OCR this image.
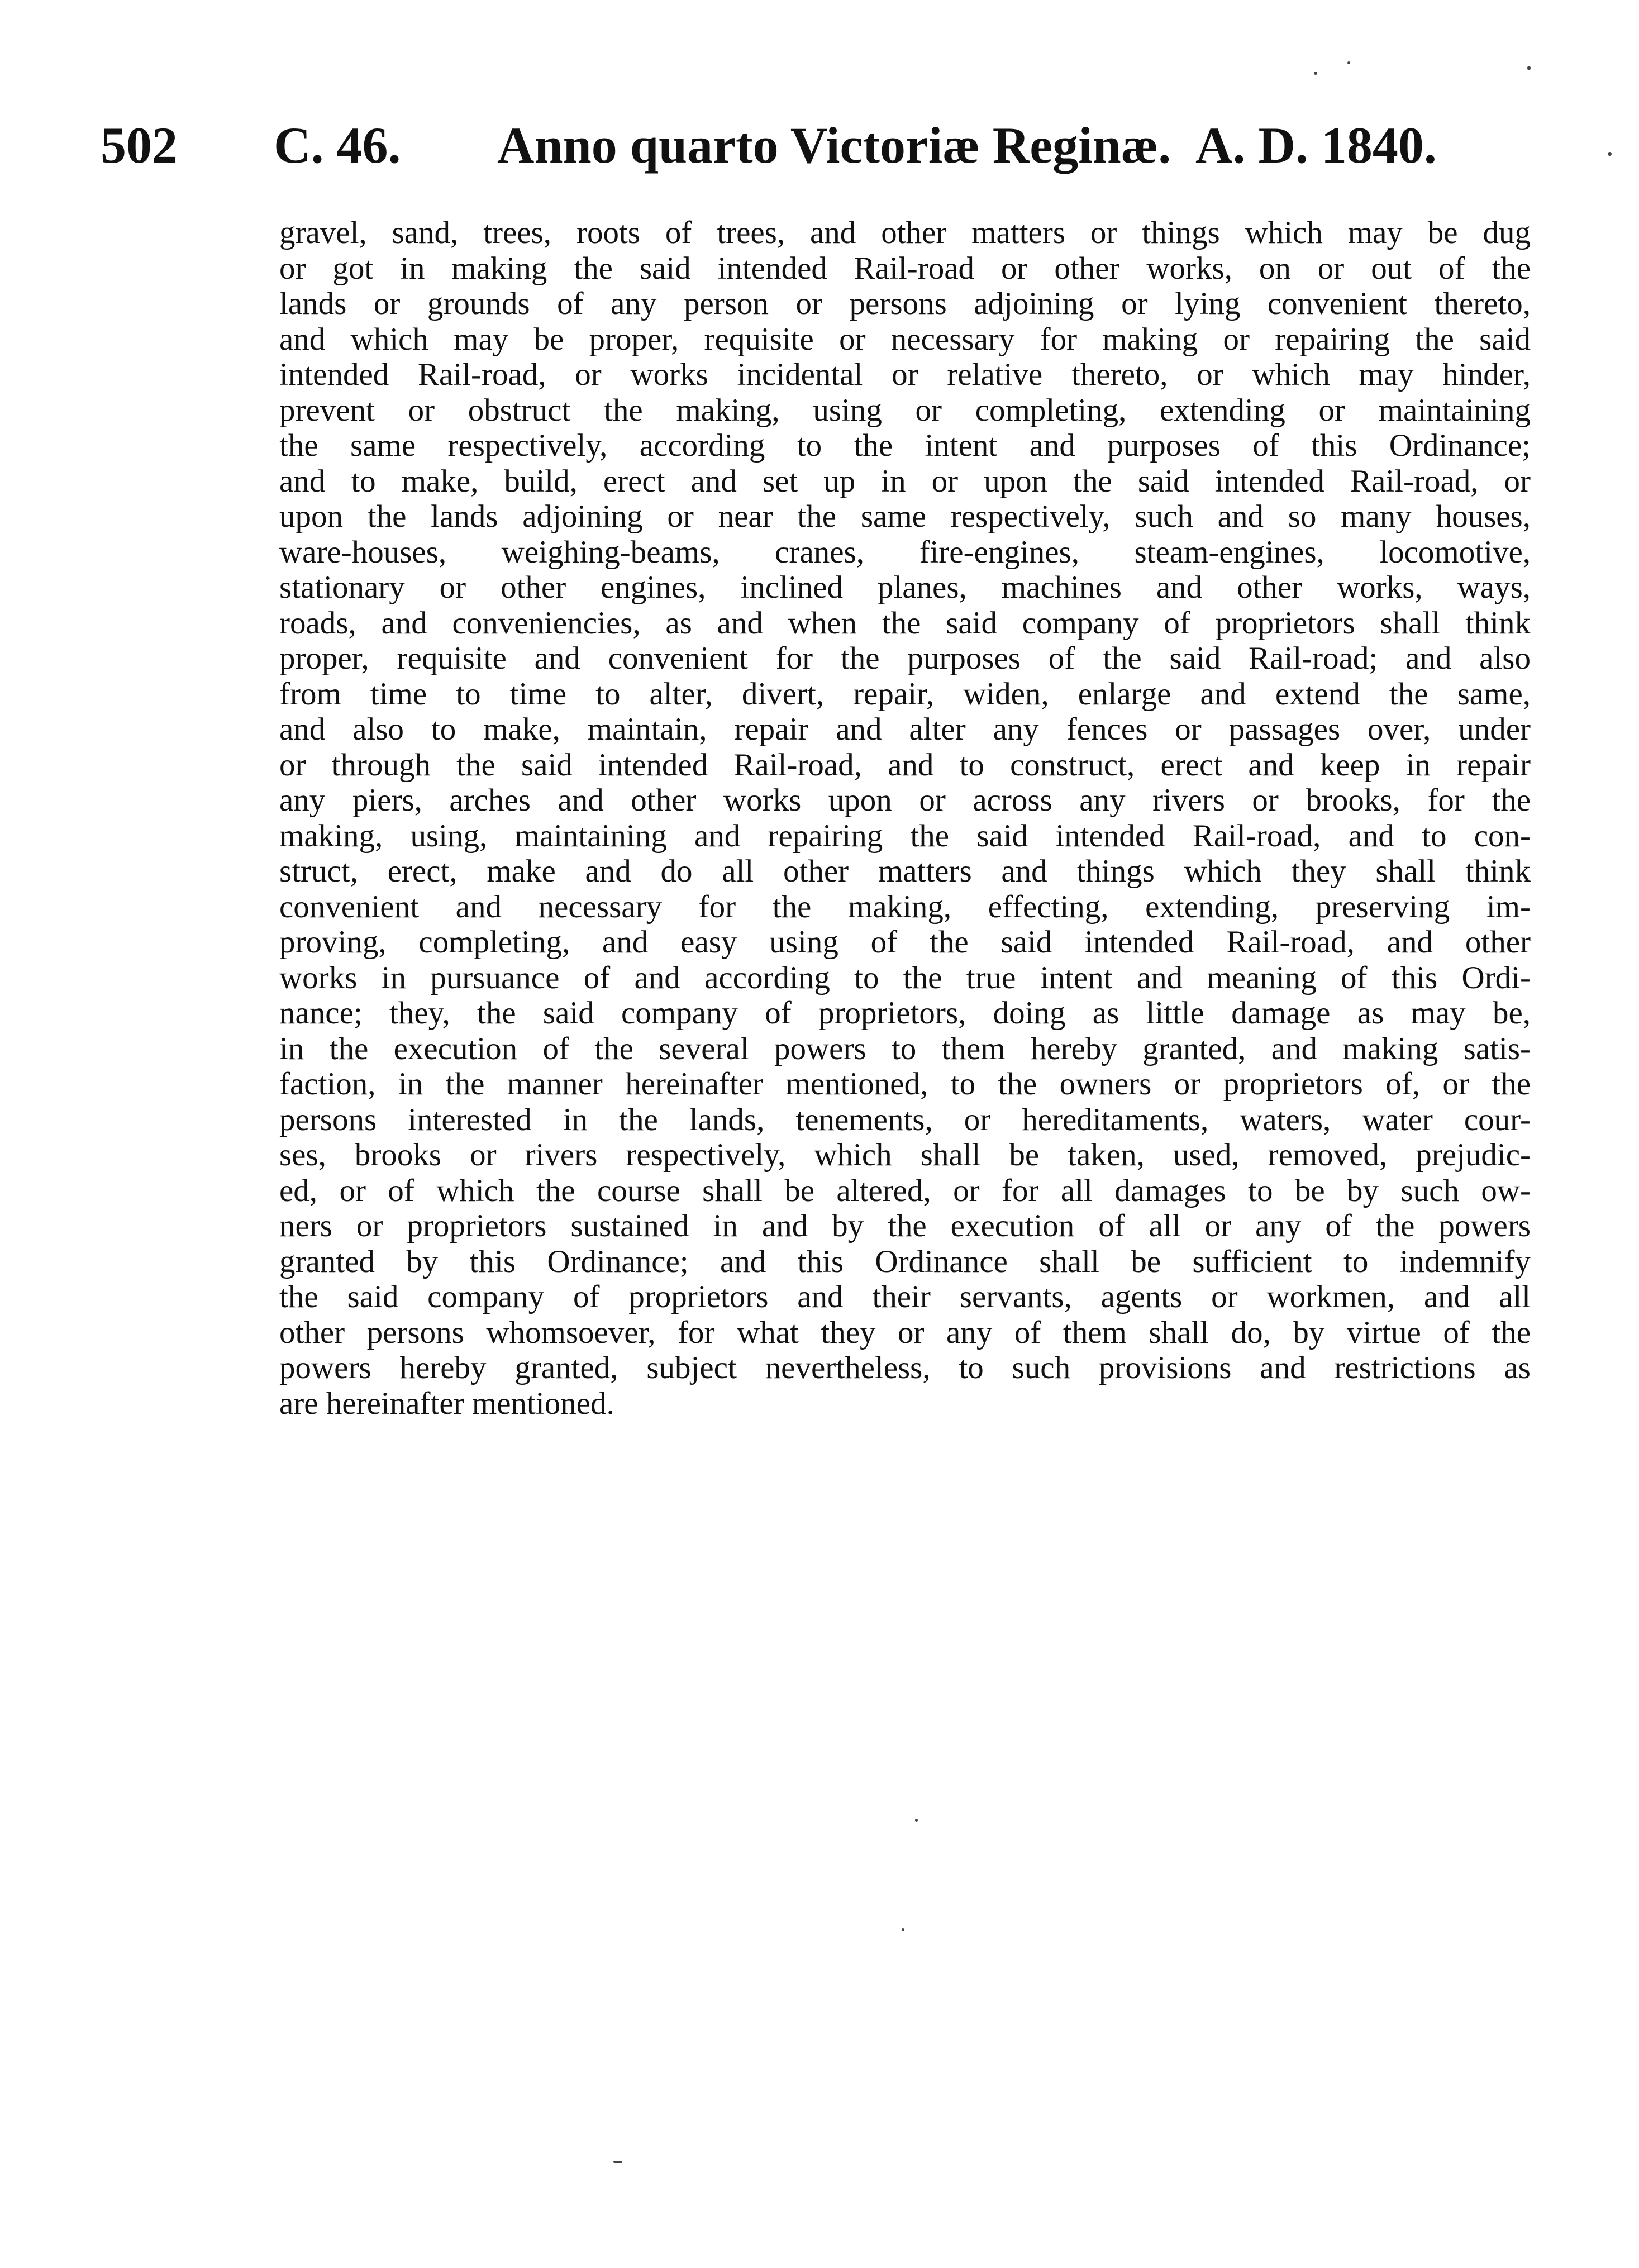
502 C. 46. Anno quarto Victoriæ Reginæ. A. D. 1840.
gravel, sand, trees, roots of trees, and other matters or things which may be dug
or got in making the said intended Rail-road or other works, on or out of the
lands or grounds of any person or persons adjoining or lying convenient thereto,
and which may be proper, requisite or necessary for making or repairing the said
intended Rail-road, or works incidental or relative thereto, or which may hinder,
prevent or obstruct the making, using or completing, extending or maintaining
the same respectively, according to the intent and purposes of this Ordinance;
and to make, build, erect and set up in or upon the said intended Rail-road, or
upon the lands adjoining or near the same respectively, such and so many houses,
ware-houses, weighing-beams, cranes, fire-engines, steam-engines, locomotive,
stationary or other engines, inclined planes, machines and other works, ways,
roads, and conveniencies, as and when the said company of proprietors shall think
proper, requisite and convenient for the purposes of the said Rail-road; and also
from time to time to alter, divert, repair, widen, enlarge and extend the same,
and also to make, maintain, repair and alter any fences or passages over, under
or through the said intended Rail-road, and to construct, erect and keep in repair
any piers, arches and other works upon or across any rivers or brooks, for the
making, using, maintaining and repairing the said intended Rail-road, and to con-
struct, erect, make and do all other matters and things which they shall think
convenient and necessary for the making, effecting, extending, preserving im-
proving, completing, and easy using of the said intended Rail-road, and other
works in pursuance of and according to the true intent and meaning of this Ordi-
nance; they, the said company of proprietors, doing as little damage as may be,
in the execution of the several powers to them hereby granted, and making satis-
faction, in the manner hereinafter mentioned, to the owners or proprietors of, or the
persons interested in the lands, tenements, or hereditaments, waters, water cour-
ses, brooks or rivers respectively, which shall be taken, used, removed, prejudic-
ed, or of which the course shall be altered, or for all damages to be by such ow-
ners or proprietors sustained in and by the execution of all or any of the powers
granted by this Ordinance; and this Ordinance shall be sufficient to indemnify
the said company of proprietors and their servants, agents or workmen, and all
other persons whomsoever, for what they or any of them shall do, by virtue of the
powers hereby granted, subject nevertheless, to such provisions and restrictions as
are hereinafter mentioned.
